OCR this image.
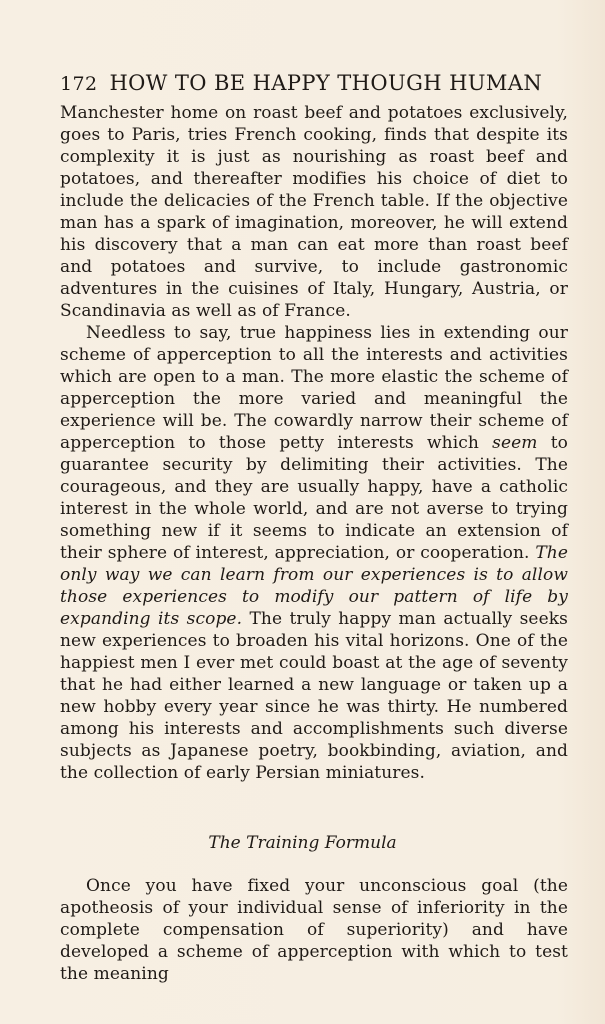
172 HOW TO BE HAPPY THOUGH HUMAN

Manchester home on roast beef and potatoes exclusively, goes to Paris, tries French cooking, finds that despite its complexity it is just as nourishing as roast beef and potatoes, and thereafter modifies his choice of diet to include the delicacies of the French table. If the objective man has a spark of imagination, moreover, he will extend his discovery that a man can eat more than roast beef and potatoes and survive, to include gastronomic adventures in the cuisines of Italy, Hungary, Austria, or Scandinavia as well as of France.

Needless to say, true happiness lies in extending our scheme of apperception to all the interests and activities which are open to a man. The more elastic the scheme of apperception the more varied and meaningful the experience will be. The cowardly narrow their scheme of apperception to those petty interests which seem to guarantee security by delimiting their activities. The courageous, and they are usually happy, have a catholic interest in the whole world, and are not averse to trying something new if it seems to indicate an extension of their sphere of interest, appreciation, or cooperation. The only way we can learn from our experiences is to allow those experiences to modify our pattern of life by expanding its scope. The truly happy man actually seeks new experiences to broaden his vital horizons. One of the happiest men I ever met could boast at the age of seventy that he had either learned a new language or taken up a new hobby every year since he was thirty. He numbered among his interests and accomplishments such diverse subjects as Japanese poetry, bookbinding, aviation, and the collection of early Persian miniatures.

The Training Formula

Once you have fixed your unconscious goal (the apotheosis of your individual sense of inferiority in the complete compensation of superiority) and have developed a scheme of apperception with which to test the meaning
